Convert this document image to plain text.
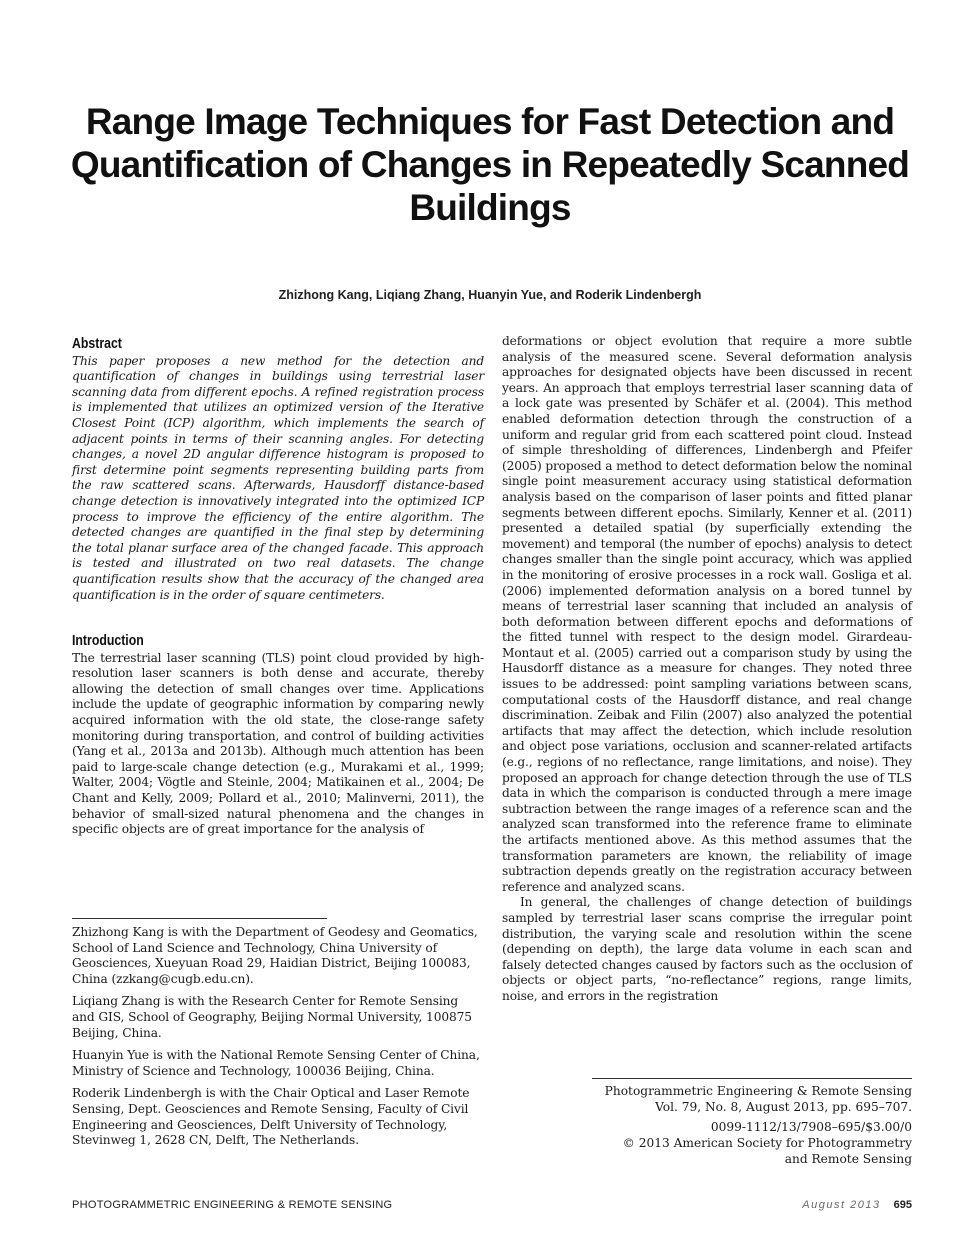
Range Image Techniques for Fast Detection and Quantification of Changes in Repeatedly Scanned Buildings
Zhizhong Kang, Liqiang Zhang, Huanyin Yue, and Roderik Lindenbergh
Abstract

This paper proposes a new method for the detection and quantification of changes in buildings using terrestrial laser scanning data from different epochs. A refined registration process is implemented that utilizes an optimized version of the Iterative Closest Point (ICP) algorithm, which implements the search of adjacent points in terms of their scanning angles. For detecting changes, a novel 2D angular difference histogram is proposed to first determine point segments representing building parts from the raw scattered scans. Afterwards, Hausdorff distance-based change detection is innovatively integrated into the optimized ICP process to improve the efficiency of the entire algorithm. The detected changes are quantified in the final step by determining the total planar surface area of the changed facade. This approach is tested and illustrated on two real datasets. The change quantification results show that the accuracy of the changed area quantification is in the order of square centimeters.

Introduction

The terrestrial laser scanning (TLS) point cloud provided by high-resolution laser scanners is both dense and accurate, thereby allowing the detection of small changes over time. Applications include the update of geographic information by comparing newly acquired information with the old state, the close-range safety monitoring during transportation, and control of building activities (Yang et al., 2013a and 2013b). Although much attention has been paid to large-scale change detection (e.g., Murakami et al., 1999; Walter, 2004; Vögtle and Steinle, 2004; Matikainen et al., 2004; De Chant and Kelly, 2009; Pollard et al., 2010; Malinverni, 2011), the behavior of small-sized natural phenomena and the changes in specific objects are of great importance for the analysis of

Zhizhong Kang is with the Department of Geodesy and Geomatics, School of Land Science and Technology, China University of Geosciences, Xueyuan Road 29, Haidian District, Beijing 100083, China (zzkang@cugb.edu.cn).

Liqiang Zhang is with the Research Center for Remote Sensing and GIS, School of Geography, Beijing Normal University, 100875 Beijing, China.

Huanyin Yue is with the National Remote Sensing Center of China, Ministry of Science and Technology, 100036 Beijing, China.

Roderik Lindenbergh is with the Chair Optical and Laser Remote Sensing, Dept. Geosciences and Remote Sensing, Faculty of Civil Engineering and Geosciences, Delft University of Technology, Stevinweg 1, 2628 CN, Delft, The Netherlands.

deformations or object evolution that require a more subtle analysis of the measured scene. Several deformation analysis approaches for designated objects have been discussed in recent years. An approach that employs terrestrial laser scanning data of a lock gate was presented by Schäfer et al. (2004). This method enabled deformation detection through the construction of a uniform and regular grid from each scattered point cloud. Instead of simple thresholding of differences, Lindenbergh and Pfeifer (2005) proposed a method to detect deformation below the nominal single point measurement accuracy using statistical deformation analysis based on the comparison of laser points and fitted planar segments between different epochs. Similarly, Kenner et al. (2011) presented a detailed spatial (by superficially extending the movement) and temporal (the number of epochs) analysis to detect changes smaller than the single point accuracy, which was applied in the monitoring of erosive processes in a rock wall. Gosliga et al. (2006) implemented deformation analysis on a bored tunnel by means of terrestrial laser scanning that included an analysis of both deformation between different epochs and deformations of the fitted tunnel with respect to the design model. Girardeau-Montaut et al. (2005) carried out a comparison study by using the Hausdorff distance as a measure for changes. They noted three issues to be addressed: point sampling variations between scans, computational costs of the Hausdorff distance, and real change discrimination. Zeibak and Filin (2007) also analyzed the potential artifacts that may affect the detection, which include resolution and object pose variations, occlusion and scanner-related artifacts (e.g., regions of no reflectance, range limitations, and noise). They proposed an approach for change detection through the use of TLS data in which the comparison is conducted through a mere image subtraction between the range images of a reference scan and the analyzed scan transformed into the reference frame to eliminate the artifacts mentioned above. As this method assumes that the transformation parameters are known, the reliability of image subtraction depends greatly on the registration accuracy between reference and analyzed scans.

In general, the challenges of change detection of buildings sampled by terrestrial laser scans comprise the irregular point distribution, the varying scale and resolution within the scene (depending on depth), the large data volume in each scan and falsely detected changes caused by factors such as the occlusion of objects or object parts, “no-reflectance” regions, range limits, noise, and errors in the registration

Photogrammetric Engineering & Remote Sensing

Vol. 79, No. 8, August 2013, pp. 695–707.

0099-1112/13/7908–695/$3.00/0

© 2013 American Society for Photogrammetry

and Remote Sensing

PHOTOGRAMMETRIC ENGINEERING & REMOTE SENSING	August 2013 695
